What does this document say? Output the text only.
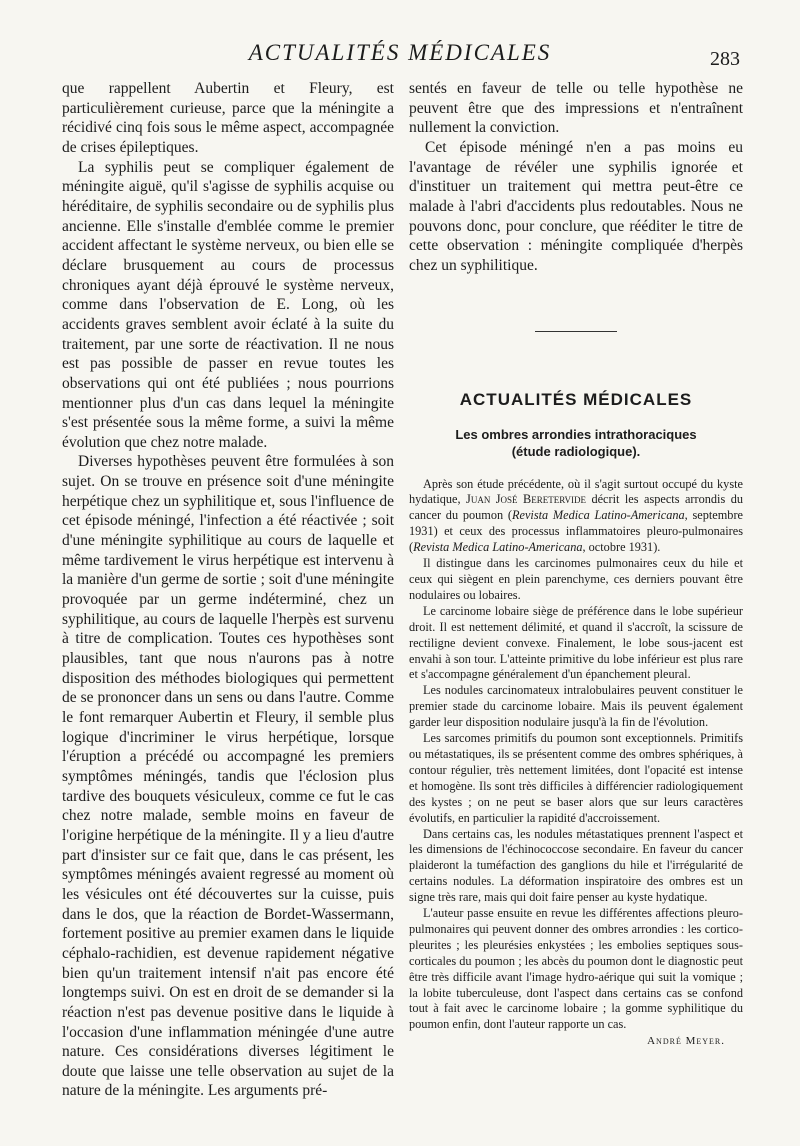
ACTUALITÉS MÉDICALES	283

que rappellent Aubertin et Fleury, est particulièrement curieuse, parce que la méningite a récidivé cinq fois sous le même aspect, accompagnée de crises épileptiques.

La syphilis peut se compliquer également de méningite aiguë, qu'il s'agisse de syphilis acquise ou héréditaire, de syphilis secondaire ou de syphilis plus ancienne. Elle s'installe d'emblée comme le premier accident affectant le système nerveux, ou bien elle se déclare brusquement au cours de processus chroniques ayant déjà éprouvé le système nerveux, comme dans l'observation de E. Long, où les accidents graves semblent avoir éclaté à la suite du traitement, par une sorte de réactivation. Il ne nous est pas possible de passer en revue toutes les observations qui ont été publiées ; nous pourrions mentionner plus d'un cas dans lequel la méningite s'est présentée sous la même forme, a suivi la même évolution que chez notre malade.

Diverses hypothèses peuvent être formulées à son sujet. On se trouve en présence soit d'une méningite herpétique chez un syphilitique et, sous l'influence de cet épisode méningé, l'infection a été réactivée ; soit d'une méningite syphilitique au cours de laquelle et même tardivement le virus herpétique est intervenu à la manière d'un germe de sortie ; soit d'une méningite provoquée par un germe indéterminé, chez un syphilitique, au cours de laquelle l'herpès est survenu à titre de complication. Toutes ces hypothèses sont plausibles, tant que nous n'aurons pas à notre disposition des méthodes biologiques qui permettent de se prononcer dans un sens ou dans l'autre. Comme le font remarquer Aubertin et Fleury, il semble plus logique d'incriminer le virus herpétique, lorsque l'éruption a précédé ou accompagné les premiers symptômes méningés, tandis que l'éclosion plus tardive des bouquets vésiculeux, comme ce fut le cas chez notre malade, semble moins en faveur de l'origine herpétique de la méningite. Il y a lieu d'autre part d'insister sur ce fait que, dans le cas présent, les symptômes méningés avaient regressé au moment où les vésicules ont été découvertes sur la cuisse, puis dans le dos, que la réaction de Bordet-Wassermann, fortement positive au premier examen dans le liquide céphalo-rachidien, est devenue rapidement négative bien qu'un traitement intensif n'ait pas encore été longtemps suivi. On est en droit de se demander si la réaction n'est pas devenue positive dans le liquide à l'occasion d'une inflammation méningée d'une autre nature. Ces considérations diverses légitiment le doute que laisse une telle observation au sujet de la nature de la méningite. Les arguments pré-

sentés en faveur de telle ou telle hypothèse ne peuvent être que des impressions et n'entraînent nullement la conviction.

Cet épisode méningé n'en a pas moins eu l'avantage de révéler une syphilis ignorée et d'instituer un traitement qui mettra peut-être ce malade à l'abri d'accidents plus redoutables. Nous ne pouvons donc, pour conclure, que rééditer le titre de cette observation : méningite compliquée d'herpès chez un syphilitique.

ACTUALITÉS MÉDICALES
Les ombres arrondies intrathoraciques
(étude radiologique).

Après son étude précédente, où il s'agit surtout occupé du kyste hydatique, Juan José Beretervide décrit les aspects arrondis du cancer du poumon (Revista Medica Latino-Americana, septembre 1931) et ceux des processus inflammatoires pleuro-pulmonaires (Revista Medica Latino-Americana, octobre 1931).

Il distingue dans les carcinomes pulmonaires ceux du hile et ceux qui siègent en plein parenchyme, ces derniers pouvant être nodulaires ou lobaires.

Le carcinome lobaire siège de préférence dans le lobe supérieur droit. Il est nettement délimité, et quand il s'accroît, la scissure de rectiligne devient convexe. Finalement, le lobe sous-jacent est envahi à son tour. L'atteinte primitive du lobe inférieur est plus rare et s'accompagne généralement d'un épanchement pleural.

Les nodules carcinomateux intralobulaires peuvent constituer le premier stade du carcinome lobaire. Mais ils peuvent également garder leur disposition nodulaire jusqu'à la fin de l'évolution.

Les sarcomes primitifs du poumon sont exceptionnels. Primitifs ou métastatiques, ils se présentent comme des ombres sphériques, à contour régulier, très nettement limitées, dont l'opacité est intense et homogène. Ils sont très difficiles à différencier radiologiquement des kystes ; on ne peut se baser alors que sur leurs caractères évolutifs, en particulier la rapidité d'accroissement.

Dans certains cas, les nodules métastatiques prennent l'aspect et les dimensions de l'échinococcose secondaire. En faveur du cancer plaideront la tuméfaction des ganglions du hile et l'irrégularité de certains nodules. La déformation inspiratoire des ombres est un signe très rare, mais qui doit faire penser au kyste hydatique.

L'auteur passe ensuite en revue les différentes affections pleuro-pulmonaires qui peuvent donner des ombres arrondies : les cortico-pleurites ; les pleurésies enkystées ; les embolies septiques sous-corticales du poumon ; les abcès du poumon dont le diagnostic peut être très difficile avant l'image hydro-aérique qui suit la vomique ; la lobite tuberculeuse, dont l'aspect dans certains cas se confond tout à fait avec le carcinome lobaire ; la gomme syphilitique du poumon enfin, dont l'auteur rapporte un cas.

André Meyer.
